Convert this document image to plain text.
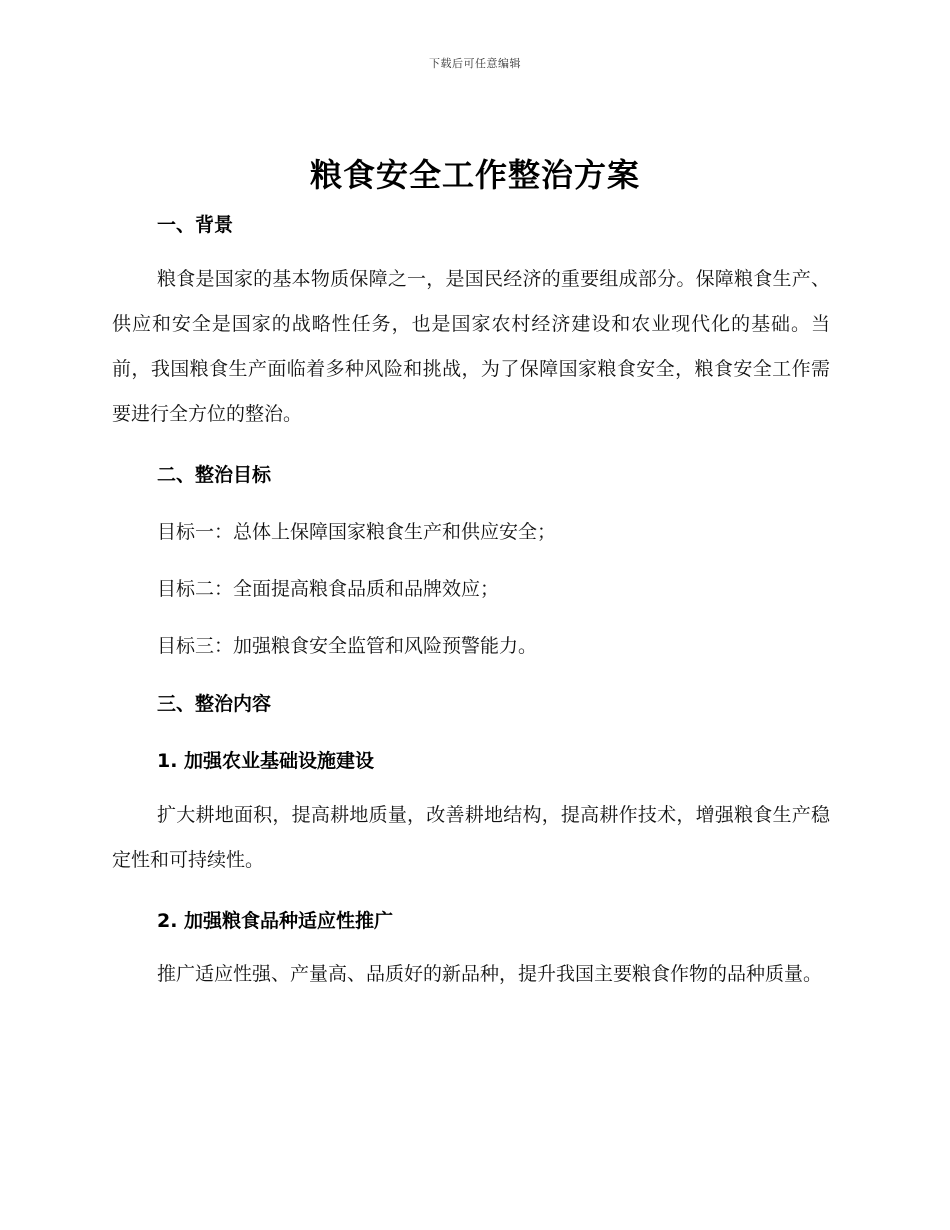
下载后可任意编辑
粮食安全工作整治方案
一、背景
粮食是国家的基本物质保障之一，是国民经济的重要组成部分。保障粮食生产、供应和安全是国家的战略性任务，也是国家农村经济建设和农业现代化的基础。当前，我国粮食生产面临着多种风险和挑战，为了保障国家粮食安全，粮食安全工作需要进行全方位的整治。
二、整治目标
目标一：总体上保障国家粮食生产和供应安全；
目标二：全面提高粮食品质和品牌效应；
目标三：加强粮食安全监管和风险预警能力。
三、整治内容
1. 加强农业基础设施建设
扩大耕地面积，提高耕地质量，改善耕地结构，提高耕作技术，增强粮食生产稳定性和可持续性。
2. 加强粮食品种适应性推广
推广适应性强、产量高、品质好的新品种，提升我国主要粮食作物的品种质量。
